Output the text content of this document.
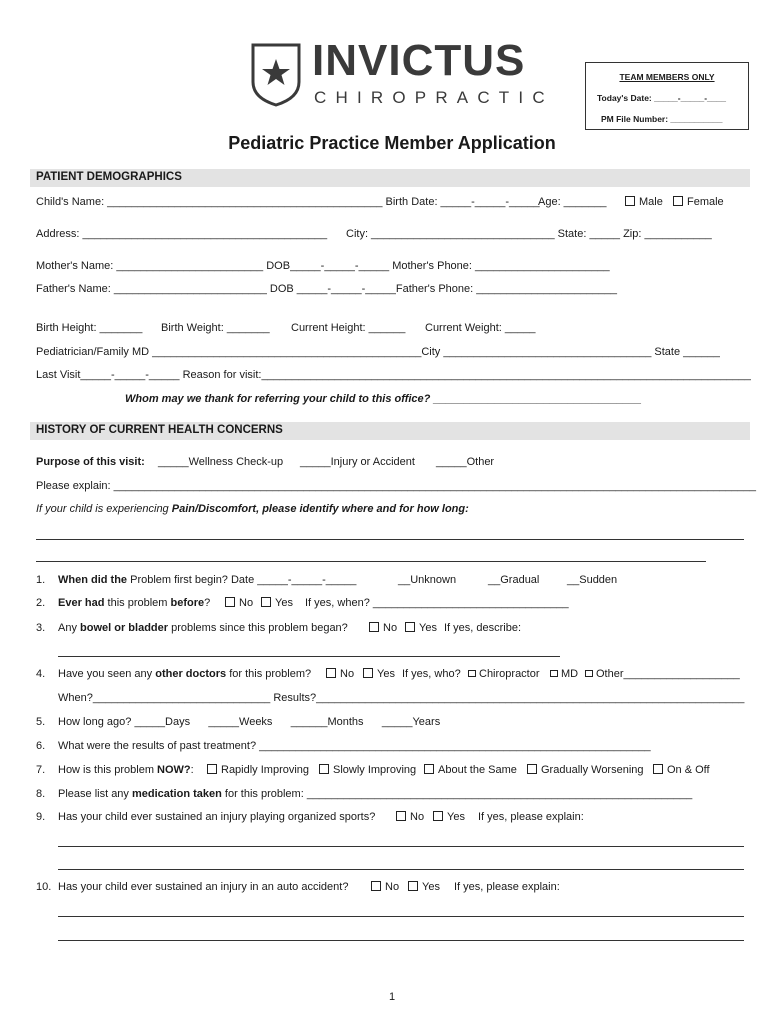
INVICTUS
CHIROPRACTIC
TEAM MEMBERS ONLY
Today's Date: _____-_____-____
PM File Number: ___________
Pediatric Practice Member Application
PATIENT DEMOGRAPHICS
Child's Name: _____________________________________________ Birth Date: _____-_____-_____
Age: _______	Male	Female
Address: ________________________________________ City: ______________________________ State: _____ Zip: ___________
Mother's Name: ________________________ DOB_____-_____-_____ Mother's Phone: ______________________
Father's Name: _________________________ DOB _____-_____-_____Father's Phone: _______________________
Birth Height: _______ Birth Weight: _______ Current Height: ______ Current Weight: _____
Pediatrician/Family MD ____________________________________________City __________________________________ State ______
Last Visit_____-_____-_____ Reason for visit:________________________________________________________________________________
Whom may we thank for referring your child to this office? __________________________________
HISTORY OF CURRENT HEALTH CONCERNS
Purpose of this visit: _____Wellness Check-up _____Injury or Accident _____Other
Please explain: _________________________________________________________________________________________________________
If your child is experiencing Pain/Discomfort, please identify where and for how long:
1. When did the Problem first begin? Date _____-_____-_____	__Unknown	__Gradual	__Sudden
2. Ever had this problem before?	No	Yes If yes, when? ________________________________
3. Any bowel or bladder problems since this problem began?	No	Yes If yes, describe:
4. Have you seen any other doctors for this problem?	No	Yes If yes, who?	Chiropractor	MD	Other___________________
When?_____________________________ Results?______________________________________________________________________
5. How long ago? _____Days      _____Weeks      ______Months      _____Years
6. What were the results of past treatment? ________________________________________________________________
7. How is this problem NOW?:	Rapidly Improving	Slowly Improving	About the Same	Gradually Worsening	On & Off
8. Please list any medication taken for this problem: _______________________________________________________________
9. Has your child ever sustained an injury playing organized sports?	No	Yes If yes, please explain:
10. Has your child ever sustained an injury in an auto accident?	No	Yes If yes, please explain:
1
